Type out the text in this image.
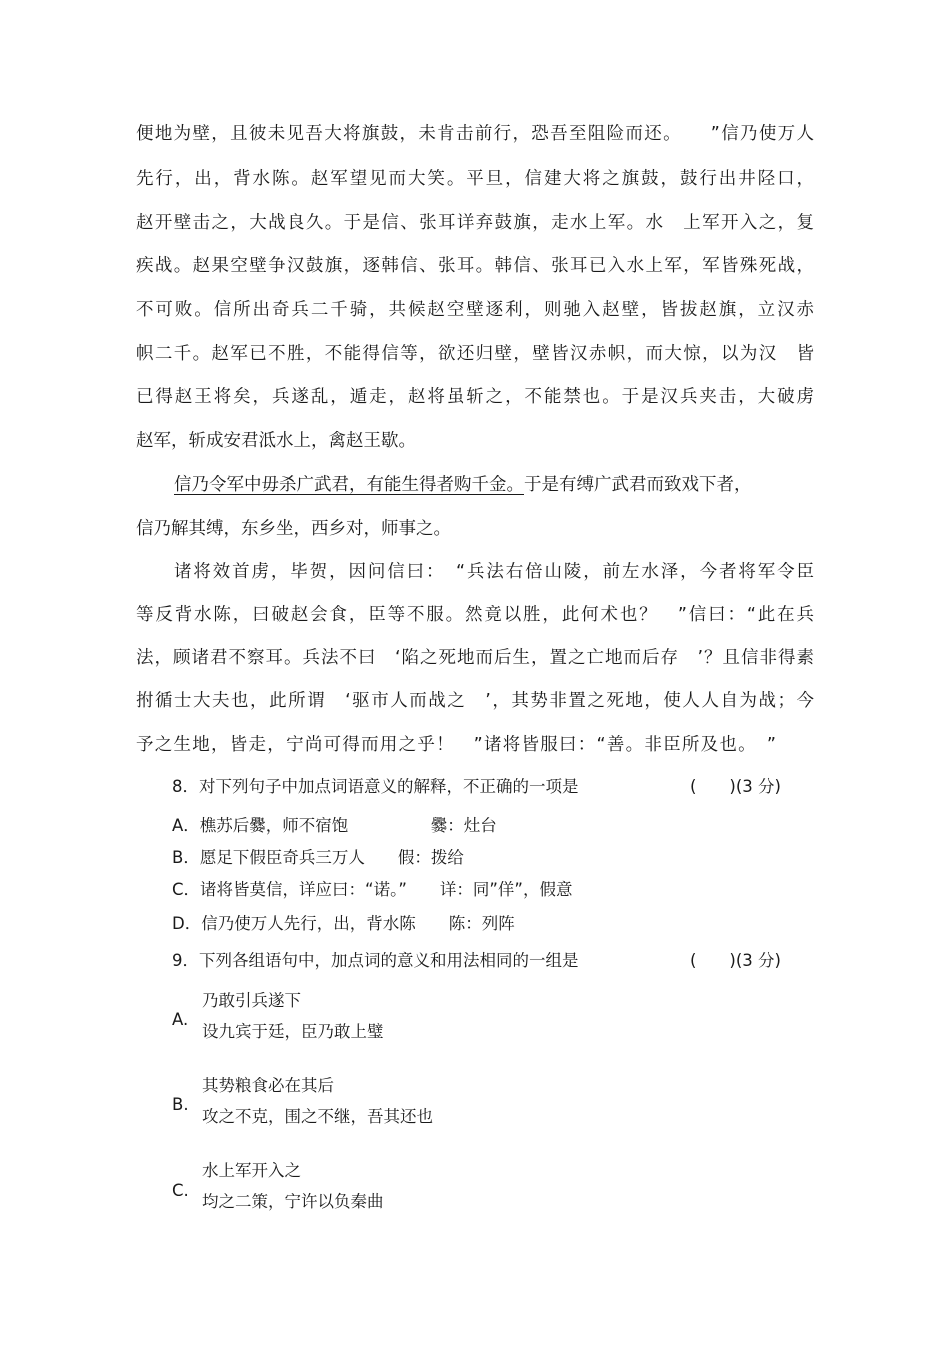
便地为壁，且彼未见吾大将旗鼓，未肯击前行，恐吾至阻险而还。　　”信乃使万人
先行，出，背水陈。赵军望见而大笑。平旦，信建大将之旗鼓，鼓行出井陉口，
赵开壁击之，大战良久。于是信、张耳详弃鼓旗，走水上军。水　上军开入之，复
疾战。赵果空壁争汉鼓旗，逐韩信、张耳。韩信、张耳已入水上军，军皆殊死战，
不可败。信所出奇兵二千骑，共候赵空壁逐利，则驰入赵壁，皆拔赵旗，立汉赤
帜二千。赵军已不胜，不能得信等，欲还归壁，壁皆汉赤帜，而大惊，以为汉　皆
已得赵王将矣，兵遂乱，遁走，赵将虽斩之，不能禁也。于是汉兵夹击，大破虏
赵军，斩成安君泜水上，禽赵王歇。
信乃令军中毋杀广武君，有能生得者购千金。于是有缚广武君而致戏下者，
信乃解其缚，东乡坐，西乡对，师事之。
诸将效首虏，毕贺，因问信曰：　“兵法右倍山陵，前左水泽，今者将军令臣
等反背水陈，曰破赵会食，臣等不服。然竟以胜，此何术也？　”信曰：“此在兵
法，顾诸君不察耳。兵法不曰　‘陷之死地而后生，置之亡地而后存　’？且信非得素
拊循士大夫也，此所谓　‘驱市人而战之　’，其势非置之死地，使人人自为战；今
予之生地，皆走，宁尚可得而用之乎！　”诸将皆服曰：“善。非臣所及也。　”
8．对下列句子中加点词语意义的解释，不正确的一项是	(　　)(3 分)
A．樵苏后爨，师不宿饱　　　　　爨：灶台
B．愿足下假臣奇兵三万人　　假：拨给
C．诸将皆莫信，详应曰：“诺。”　　详：同”佯”，假意
D．信乃使万人先行，出，背水陈　　陈：列阵
9．下列各组语句中，加点词的意义和用法相同的一组是	(　　)(3 分)
A.
乃敢引兵遂下
设九宾于廷，臣乃敢上璧
B.
其势粮食必在其后
攻之不克，围之不继，吾其还也
C.
水上军开入之
均之二策，宁许以负秦曲
